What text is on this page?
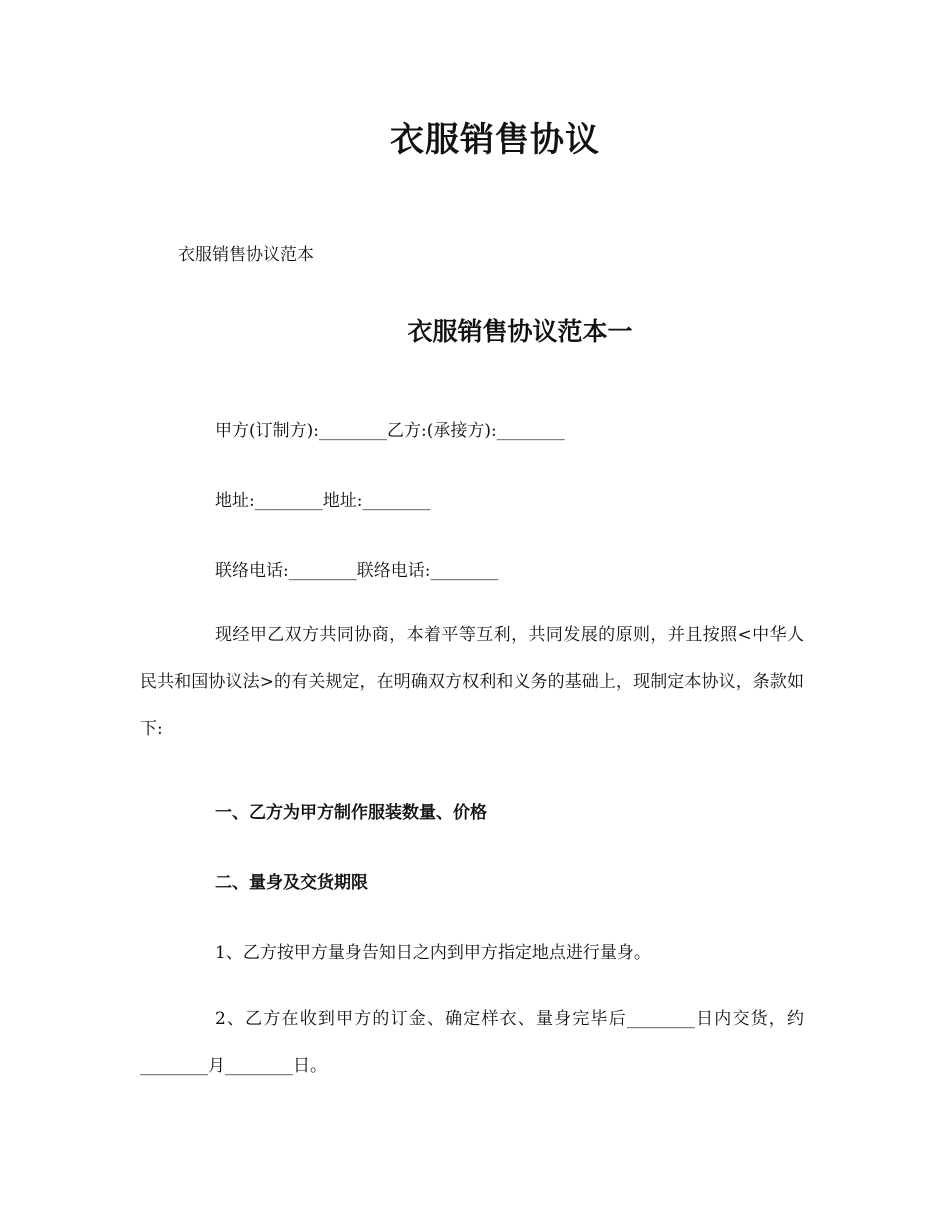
衣服销售协议

衣服销售协议范本

衣服销售协议范本一

甲方(订制方):________乙方:(承接方):________

地址:________地址:________

联络电话:________联络电话:________

现经甲乙双方共同协商，本着平等互利，共同发展的原则，并且按照<中华人民共和国协议法>的有关规定，在明确双方权利和义务的基础上，现制定本协议，条款如下:

一、乙方为甲方制作服装数量、价格

二、量身及交货期限

1、乙方按甲方量身告知日之内到甲方指定地点进行量身。

2、乙方在收到甲方的订金、确定样衣、量身完毕后________日内交货，约________月________日。
